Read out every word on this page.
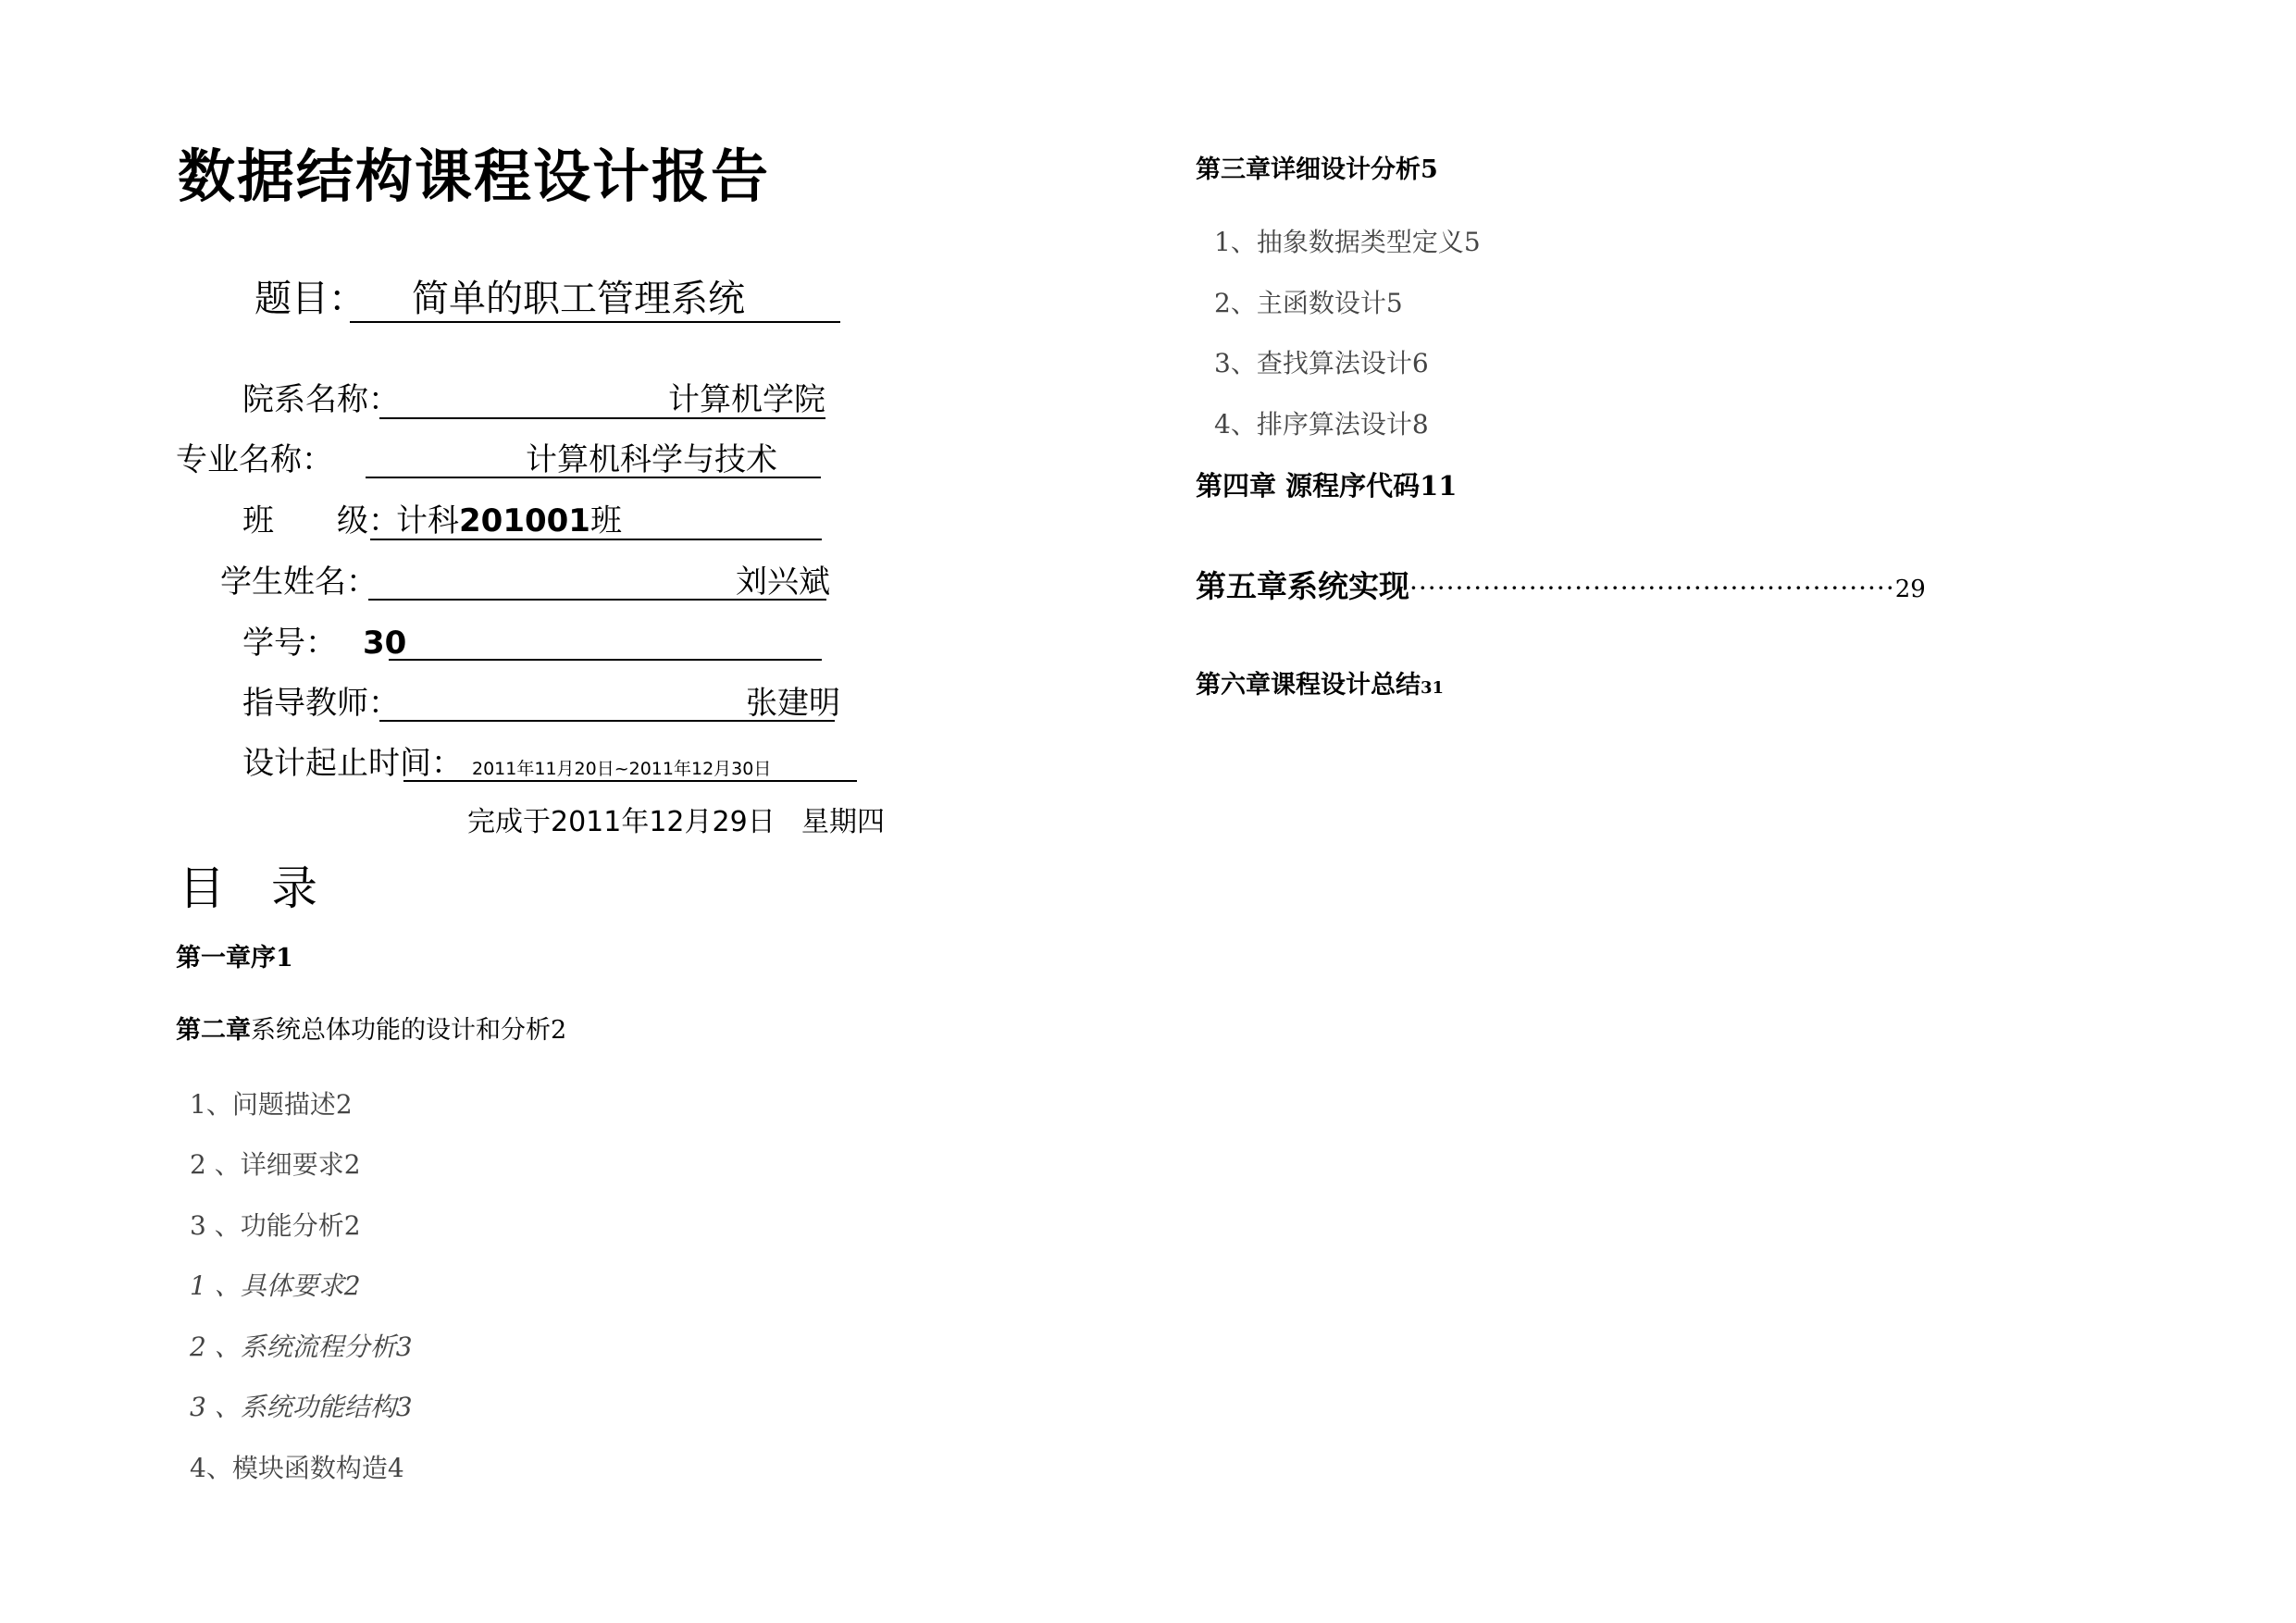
数据结构课程设计报告
题目： 简单的职工管理系统
院系名称：	计算机学院
专业名称：	计算机科学与技术
班　　级：
计科201001班
学生姓名：	刘兴斌
学号： 30
指导教师：	张建明
设计起止时间： 2011年11月20日~2011年12月30日
完成于2011年12月29日 星期四
目　录
第一章序1
第二章系统总体功能的设计和分析2
1、问题描述2
2 、详细要求2
3 、功能分析2
1 、具体要求2
2 、系统流程分析3
3 、系统功能结构3
4、模块函数构造4
第三章详细设计分析5
1、抽象数据类型定义5
2、主函数设计5
3、查找算法设计6
4、排序算法设计8
第四章 源程序代码11
第五章系统实现·····················································29
第六章课程设计总结31
